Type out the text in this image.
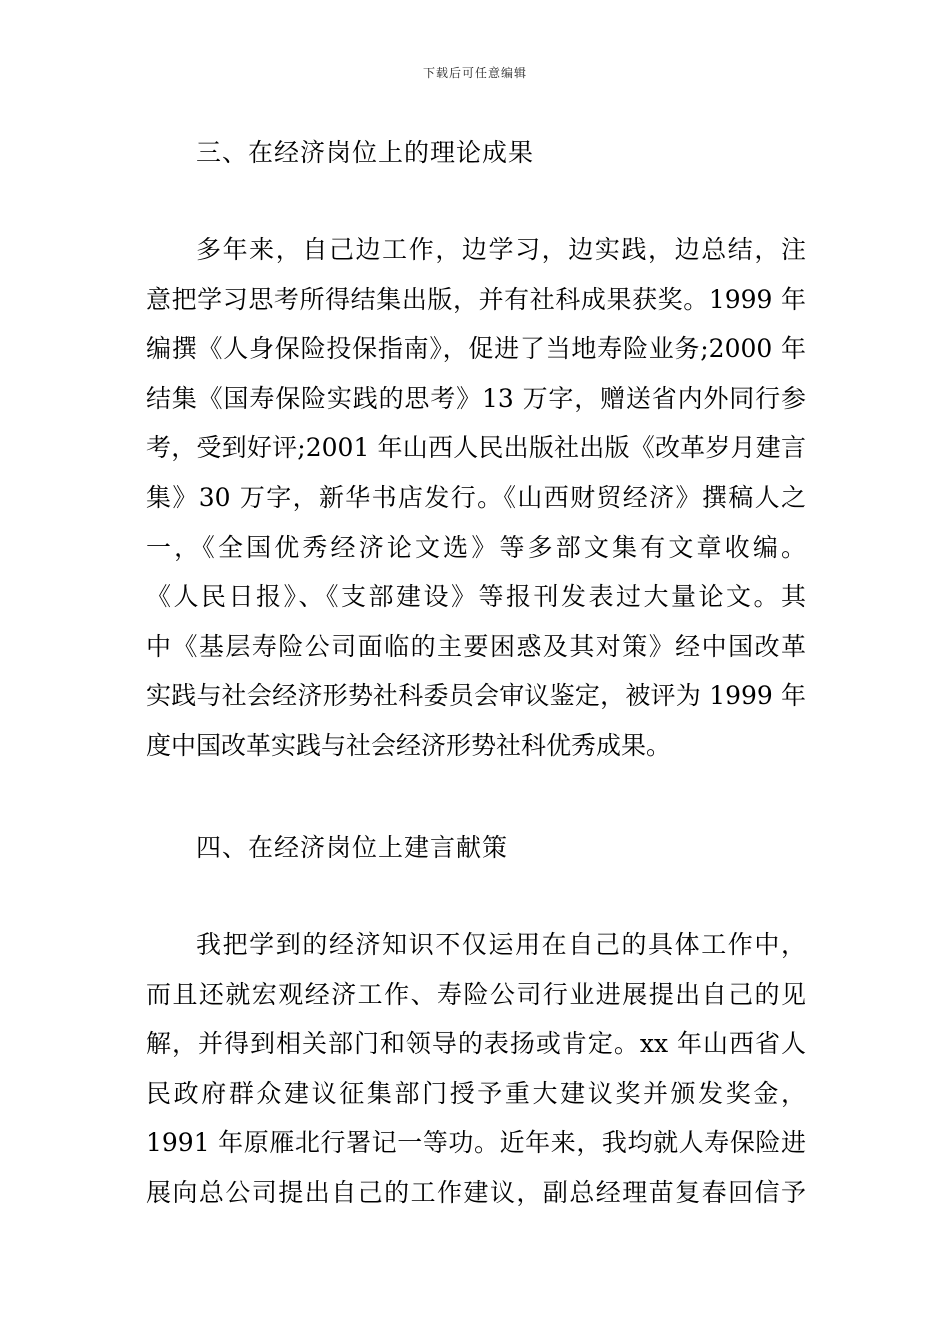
下载后可任意编辑
三、在经济岗位上的理论成果
多年来，自己边工作，边学习，边实践，边总结，注
意把学习思考所得结集出版，并有社科成果获奖。1999 年
编撰《人身保险投保指南》，促进了当地寿险业务;2000 年
结集《国寿保险实践的思考》13 万字，赠送省内外同行参
考，受到好评;2001 年山西人民出版社出版《改革岁月建言
集》30 万字，新华书店发行。《山西财贸经济》撰稿人之
一，《全国优秀经济论文选》等多部文集有文章收编。
《人民日报》、《支部建设》等报刊发表过大量论文。其
中《基层寿险公司面临的主要困惑及其对策》经中国改革
实践与社会经济形势社科委员会审议鉴定，被评为 1999 年
度中国改革实践与社会经济形势社科优秀成果。
四、在经济岗位上建言献策
我把学到的经济知识不仅运用在自己的具体工作中，
而且还就宏观经济工作、寿险公司行业进展提出自己的见
解，并得到相关部门和领导的表扬或肯定。xx 年山西省人
民政府群众建议征集部门授予重大建议奖并颁发奖金，
1991 年原雁北行署记一等功。近年来，我均就人寿保险进
展向总公司提出自己的工作建议，副总经理苗复春回信予
